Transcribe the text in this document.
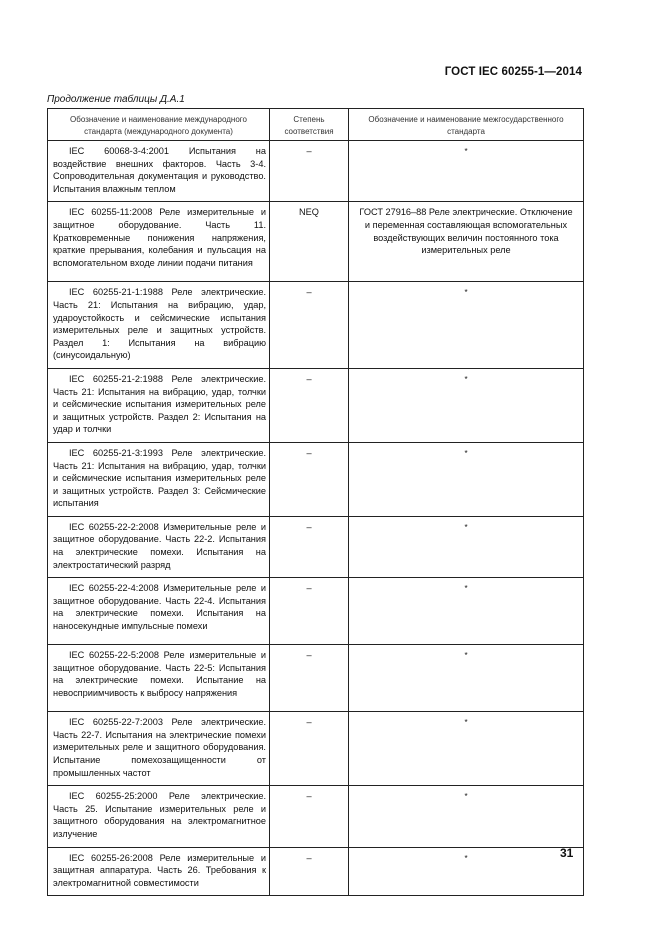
ГОСТ IEC 60255-1—2014
Продолжение таблицы Д.А.1
Обозначение и наименование международного стандарта (международного документа)	Степень соответствия	Обозначение и наименование межгосударственного стандарта

IEC 60068-3-4:2001 Испытания на воздействие внешних факторов. Часть 3-4. Сопроводительная документация и руководство. Испытания влажным теплом	–	*

IEC 60255-11:2008 Реле измерительные и защитное оборудование. Часть 11. Кратковременные понижения напряжения, краткие прерывания, колебания и пульсация на вспомогательном входе линии подачи питания	NEQ	ГОСТ 27916–88 Реле электрические. Отключение и переменная составляющая вспомогательных воздействующих величин постоянного тока измерительных реле

IEC 60255-21-1:1988 Реле электрические. Часть 21: Испытания на вибрацию, удар, удароустойкость и сейсмические испытания измерительных реле и защитных устройств. Раздел 1: Испытания на вибрацию (синусоидальную)	–	*

IEC 60255-21-2:1988 Реле электрические. Часть 21: Испытания на вибрацию, удар, толчки и сейсмические испытания измерительных реле и защитных устройств. Раздел 2: Испытания на удар и толчки	–	*

IEC 60255-21-3:1993 Реле электрические. Часть 21: Испытания на вибрацию, удар, толчки и сейсмические испытания измерительных реле и защитных устройств. Раздел 3: Сейсмические испытания	–	*

IEC 60255-22-2:2008 Измерительные реле и защитное оборудование. Часть 22-2. Испытания на электрические помехи. Испытания на электростатический разряд	–	*

IEC 60255-22-4:2008 Измерительные реле и защитное оборудование. Часть 22-4. Испытания на электрические помехи. Испытания на наносекундные импульсные помехи	–	*

IEC 60255-22-5:2008 Реле измерительные и защитное оборудование. Часть 22-5: Испытания на электрические помехи. Испытание на невосприимчивость к выбросу напряжения	–	*

IEC 60255-22-7:2003 Реле электрические. Часть 22-7. Испытания на электрические помехи измерительных реле и защитного оборудования. Испытание помехозащищенности от промышленных частот	–	*

IEC 60255-25:2000 Реле электрические. Часть 25. Испытание измерительных реле и защитного оборудования на электромагнитное излучение	–	*

IEC 60255-26:2008 Реле измерительные и защитная аппаратура. Часть 26. Требования к электромагнитной совместимости	–	*	31
